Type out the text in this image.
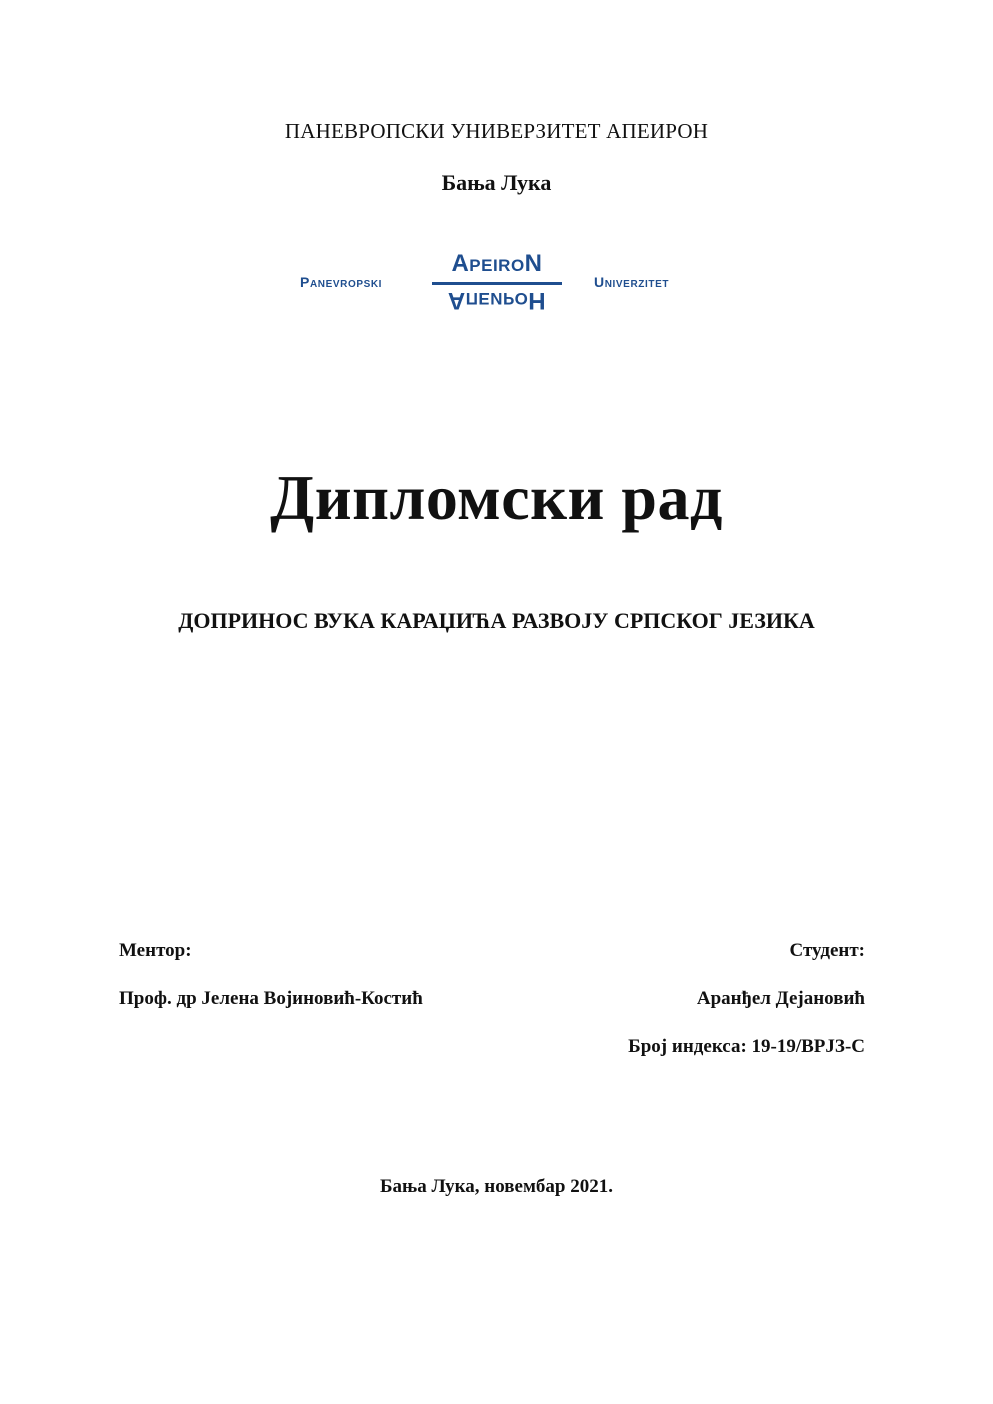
ПАНЕВРОПСКИ УНИВЕРЗИТЕТ АПЕИРОН
Бања Лука
Panevropski
ApeiroN
АпеироН
Univerzitet
Дипломски рад
ДОПРИНОС ВУКА КАРАЏИЋА РАЗВОЈУ СРПСКОГ ЈЕЗИКА
Ментор:
Проф. др Јелена Војиновић-Костић
Студент:
Аранђел Дејановић
Број индекса: 19-19/ВРЈЗ-С
Бања Лука, новембар 2021.
